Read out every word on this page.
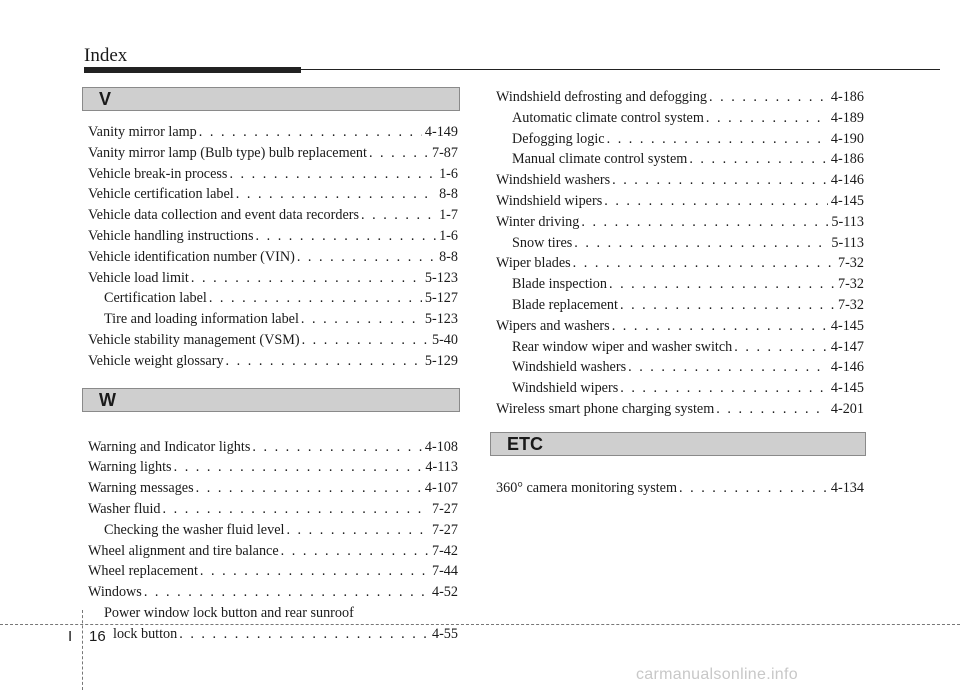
Index
V
Vanity mirror lamp . . .	4-149
Vanity mirror lamp (Bulb type) bulb replacement . . .	7-87
Vehicle break-in process . . .	1-6
Vehicle certification label . . .	8-8
Vehicle data collection and event data recorders . . .	1-7
Vehicle handling instructions . . .	1-6
Vehicle identification number (VIN) . . .	8-8
Vehicle load limit . . .	5-123
Certification label . . .	5-127
Tire and loading information label . . .	5-123
Vehicle stability management (VSM) . . .	5-40
Vehicle weight glossary . . .	5-129
W
Warning and Indicator lights . . .	4-108
Warning lights . . .	4-113
Warning messages . . .	4-107
Washer fluid . . .	7-27
Checking the washer fluid level . . .	7-27
Wheel alignment and tire balance . . .	7-42
Wheel replacement . . .	7-44
Windows . . .	4-52
Power window lock button and rear sunroof
lock button . . .	4-55
Windshield defrosting and defogging . . .	4-186
Automatic climate control system . . .	4-189
Defogging logic . . .	4-190
Manual climate control system . . .	4-186
Windshield washers . . .	4-146
Windshield wipers . . .	4-145
Winter driving . . .	5-113
Snow tires . . .	5-113
Wiper blades . . .	7-32
Blade inspection . . .	7-32
Blade replacement . . .	7-32
Wipers and washers . . .	4-145
Rear window wiper and washer switch . . .	4-147
Windshield washers . . .	4-146
Windshield wipers . . .	4-145
Wireless smart phone charging system . . .	4-201
ETC
360° camera monitoring system . . .	4-134
I 16
carmanualsonline.info
